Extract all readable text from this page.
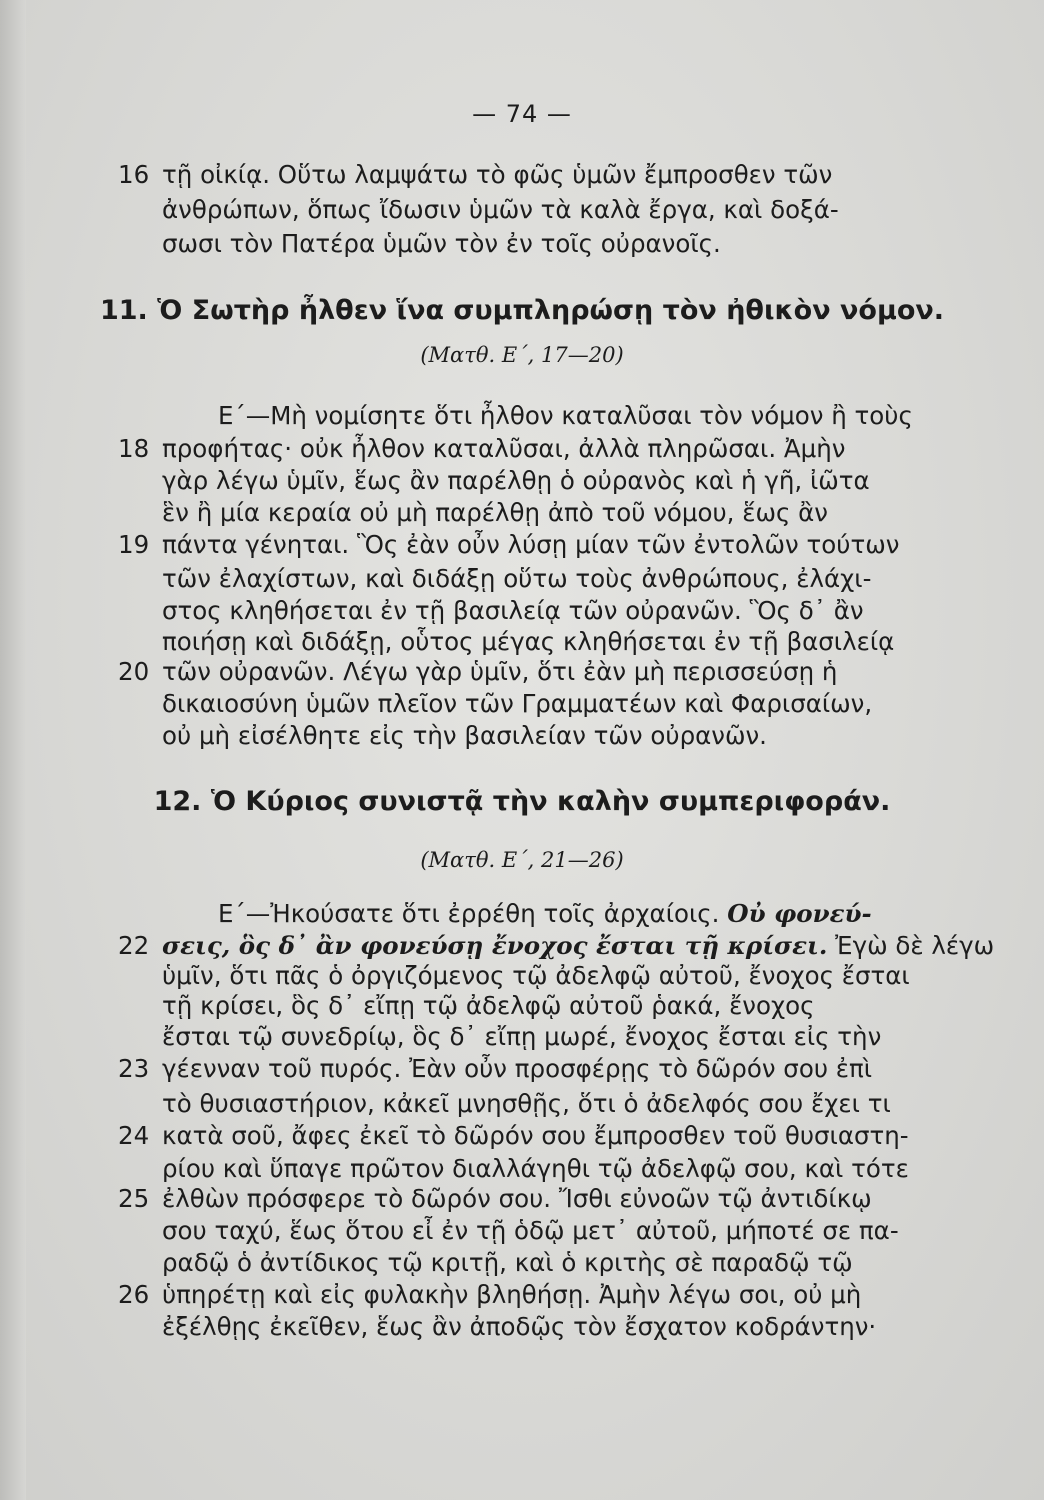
— 74 —
16 τῇ οἰκίᾳ. Οὕτω λαμψάτω τὸ φῶς ὑμῶν ἔμπροσθεν τῶν
ἀνθρώπων, ὅπως ἴδωσιν ὑμῶν τὰ καλὰ ἔργα, καὶ δοξά-
σωσι τὸν Πατέρα ὑμῶν τὸν ἐν τοῖς οὐρανοῖς.
11. Ὁ Σωτὴρ ἦλθεν ἵνα συμπληρώσῃ τὸν ἠθικὸν νόμον.
(Ματθ. Ε΄, 17—20)
Ε΄—Μὴ νομίσητε ὅτι ἦλθον καταλῦσαι τὸν νόμον ἢ τοὺς
18 προφήτας· οὐκ ἦλθον καταλῦσαι, ἀλλὰ πληρῶσαι. Ἀμὴν
γὰρ λέγω ὑμῖν, ἕως ἂν παρέλθῃ ὁ οὐρανὸς καὶ ἡ γῆ, ἰῶτα
ἓν ἢ μία κεραία οὐ μὴ παρέλθῃ ἀπὸ τοῦ νόμου, ἕως ἂν
19 πάντα γένηται. Ὃς ἐὰν οὖν λύσῃ μίαν τῶν ἐντολῶν τούτων
τῶν ἐλαχίστων, καὶ διδάξῃ οὕτω τοὺς ἀνθρώπους, ἐλάχι-
στος κληθήσεται ἐν τῇ βασιλείᾳ τῶν οὐρανῶν. Ὃς δ᾿ ἂν
ποιήσῃ καὶ διδάξῃ, οὗτος μέγας κληθήσεται ἐν τῇ βασιλείᾳ
20 τῶν οὐρανῶν. Λέγω γὰρ ὑμῖν, ὅτι ἐὰν μὴ περισσεύσῃ ἡ
δικαιοσύνη ὑμῶν πλεῖον τῶν Γραμματέων καὶ Φαρισαίων,
οὐ μὴ εἰσέλθητε εἰς τὴν βασιλείαν τῶν οὐρανῶν.
12. Ὁ Κύριος συνιστᾷ τὴν καλὴν συμπεριφοράν.
(Ματθ. Ε΄, 21—26)
Ε΄—Ἠκούσατε ὅτι ἐρρέθη τοῖς ἀρχαίοις. Οὐ φονεύ-
22 σεις, ὃς δ᾿ ἂν φονεύσῃ ἔνοχος ἔσται τῇ κρίσει. Ἐγὼ δὲ λέγω
ὑμῖν, ὅτι πᾶς ὁ ὀργιζόμενος τῷ ἀδελφῷ αὐτοῦ, ἔνοχος ἔσται
τῇ κρίσει, ὃς δ᾿ εἴπῃ τῷ ἀδελφῷ αὐτοῦ ῥακά, ἔνοχος
ἔσται τῷ συνεδρίῳ, ὃς δ᾿ εἴπῃ μωρέ, ἔνοχος ἔσται εἰς τὴν
23 γέενναν τοῦ πυρός. Ἐὰν οὖν προσφέρῃς τὸ δῶρόν σου ἐπὶ
τὸ θυσιαστήριον, κἀκεῖ μνησθῇς, ὅτι ὁ ἀδελφός σου ἔχει τι
24 κατὰ σοῦ, ἄφες ἐκεῖ τὸ δῶρόν σου ἔμπροσθεν τοῦ θυσιαστη-
ρίου καὶ ὕπαγε πρῶτον διαλλάγηθι τῷ ἀδελφῷ σου, καὶ τότε
25 ἐλθὼν πρόσφερε τὸ δῶρόν σου. Ἴσθι εὐνοῶν τῷ ἀντιδίκῳ
σου ταχύ, ἕως ὅτου εἶ ἐν τῇ ὁδῷ μετ᾿ αὐτοῦ, μήποτέ σε πα-
ραδῷ ὁ ἀντίδικος τῷ κριτῇ, καὶ ὁ κριτὴς σὲ παραδῷ τῷ
26 ὑπηρέτῃ καὶ εἰς φυλακὴν βληθήσῃ. Ἀμὴν λέγω σοι, οὐ μὴ
ἐξέλθῃς ἐκεῖθεν, ἕως ἂν ἀποδῷς τὸν ἔσχατον κοδράντην·
